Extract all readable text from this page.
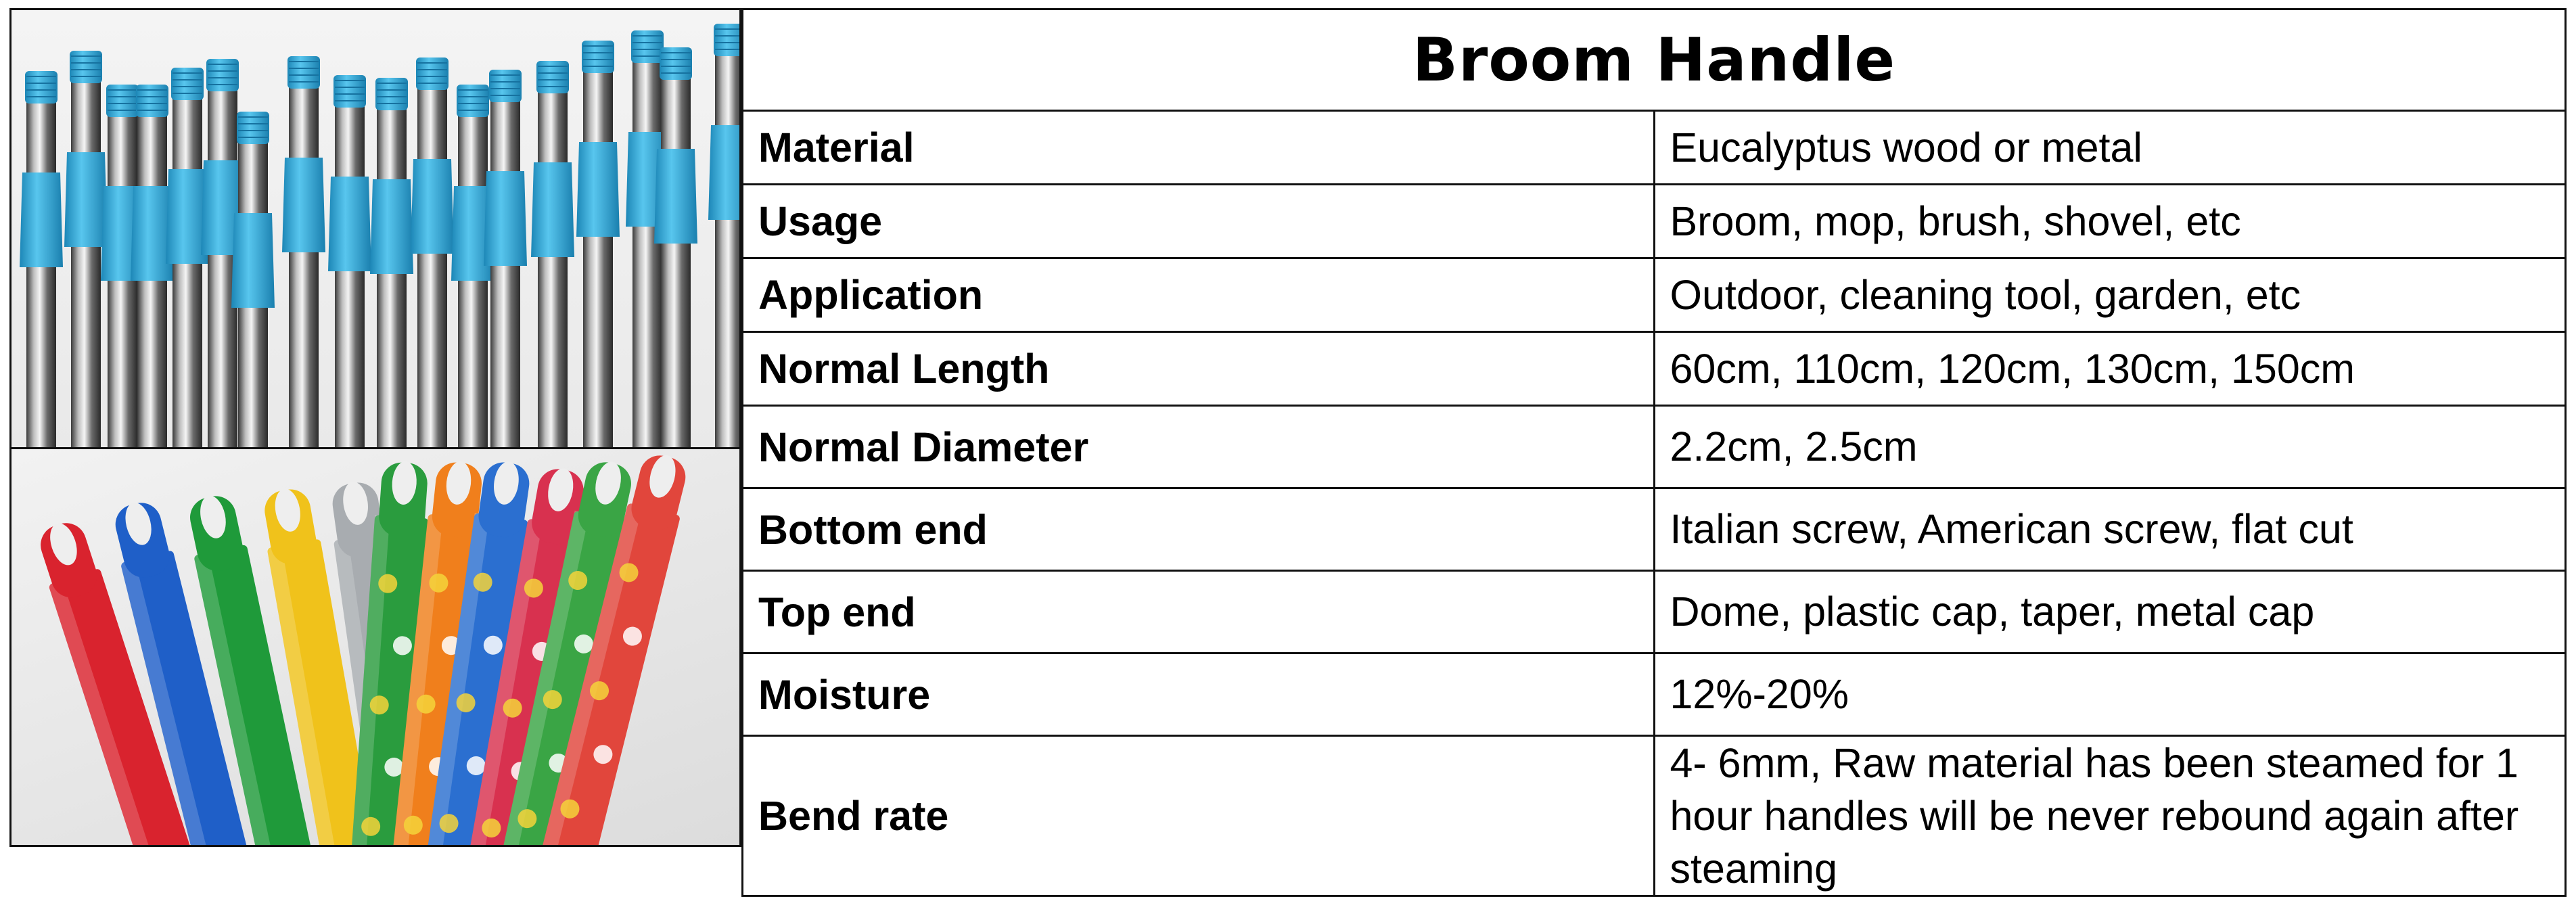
Broom Handle	
Material	Eucalyptus wood or metal
Usage	Broom, mop, brush, shovel, etc
Application	Outdoor, cleaning tool, garden, etc
Normal Length	60cm, 110cm, 120cm, 130cm, 150cm
Normal Diameter	2.2cm, 2.5cm
Bottom end	Italian screw, American screw, flat cut
Top end	Dome, plastic cap, taper, metal cap
Moisture	12%-20%
Bend rate	4- 6mm, Raw material has been steamed for 1 hour handles will be never rebound again after steaming
